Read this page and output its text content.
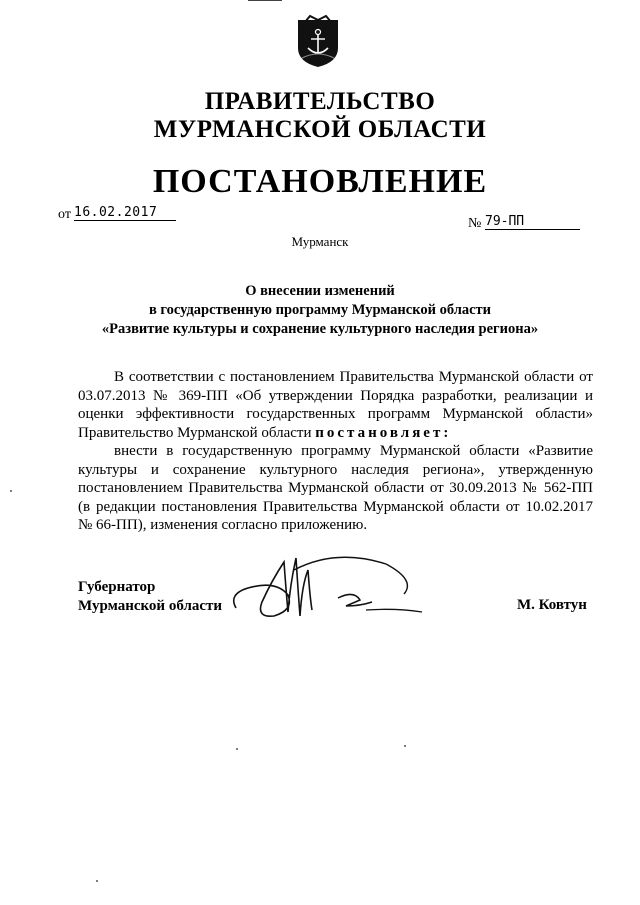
ПРАВИТЕЛЬСТВО
МУРМАНСКОЙ ОБЛАСТИ
ПОСТАНОВЛЕНИЕ
от 16.02.2017
№ 79-ПП
Мурманск
О внесении изменений
в государственную программу Мурманской области
«Развитие культуры и сохранение культурного наследия региона»
В соответствии с постановлением Правительства Мурманской области от 03.07.2013 № 369-ПП «Об утверждении Порядка разработки, реализации и оценки эффективности государственных программ Мурманской области» Правительство Мурманской области постановляет:
внести в государственную программу Мурманской области «Развитие культуры и сохранение культурного наследия региона», утвержденную постановлением Правительства Мурманской области от 30.09.2013 № 562-ПП (в редакции постановления Правительства Мурманской области от 10.02.2017 № 66-ПП), изменения согласно приложению.
Губернатор
Мурманской области	М. Ковтун
